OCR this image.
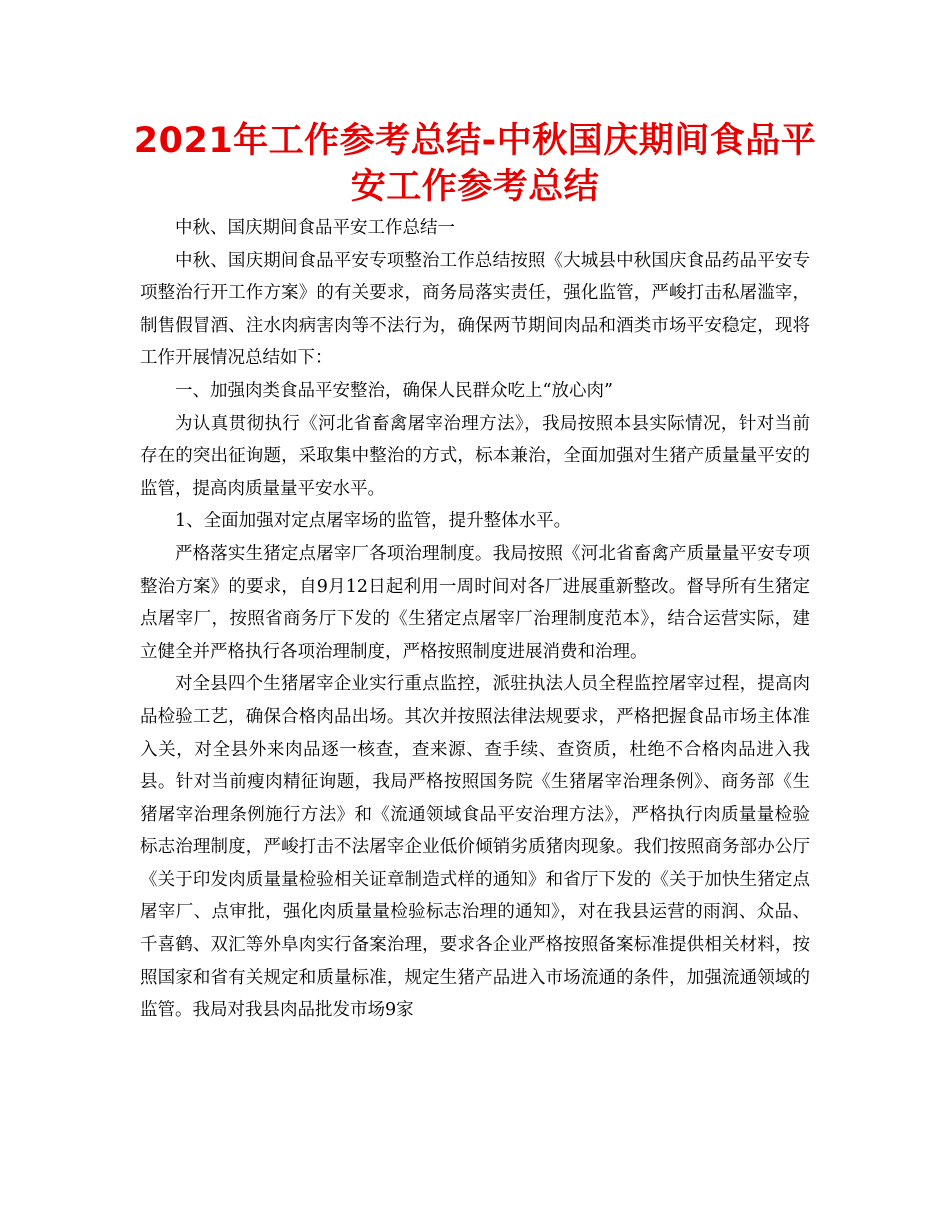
2021年工作参考总结-中秋国庆期间食品平安工作参考总结

中秋、国庆期间食品平安工作总结一

中秋、国庆期间食品平安专项整治工作总结按照《大城县中秋国庆食品药品平安专项整治行开工作方案》的有关要求，商务局落实责任，强化监管，严峻打击私屠滥宰，制售假冒酒、注水肉病害肉等不法行为，确保两节期间肉品和酒类市场平安稳定，现将工作开展情况总结如下：

一、加强肉类食品平安整治，确保人民群众吃上“放心肉”

为认真贯彻执行《河北省畜禽屠宰治理方法》，我局按照本县实际情况，针对当前存在的突出征询题，采取集中整治的方式，标本兼治，全面加强对生猪产质量量平安的监管，提高肉质量量平安水平。

1、全面加强对定点屠宰场的监管，提升整体水平。

严格落实生猪定点屠宰厂各项治理制度。我局按照《河北省畜禽产质量量平安专项整治方案》的要求，自9月12日起利用一周时间对各厂进展重新整改。督导所有生猪定点屠宰厂，按照省商务厅下发的《生猪定点屠宰厂治理制度范本》，结合运营实际，建立健全并严格执行各项治理制度，严格按照制度进展消费和治理。

对全县四个生猪屠宰企业实行重点监控，派驻执法人员全程监控屠宰过程，提高肉品检验工艺，确保合格肉品出场。其次并按照法律法规要求，严格把握食品市场主体准入关，对全县外来肉品逐一核查，查来源、查手续、查资质，杜绝不合格肉品进入我县。针对当前瘦肉精征询题，我局严格按照国务院《生猪屠宰治理条例》、商务部《生猪屠宰治理条例施行方法》和《流通领域食品平安治理方法》，严格执行肉质量量检验标志治理制度，严峻打击不法屠宰企业低价倾销劣质猪肉现象。我们按照商务部办公厅《关于印发肉质量量检验相关证章制造式样的通知》和省厅下发的《关于加快生猪定点屠宰厂、点审批，强化肉质量量检验标志治理的通知》，对在我县运营的雨润、众品、千喜鹤、双汇等外阜肉实行备案治理，要求各企业严格按照备案标准提供相关材料，按照国家和省有关规定和质量标准，规定生猪产品进入市场流通的条件，加强流通领域的监管。我局对我县肉品批发市场9家
